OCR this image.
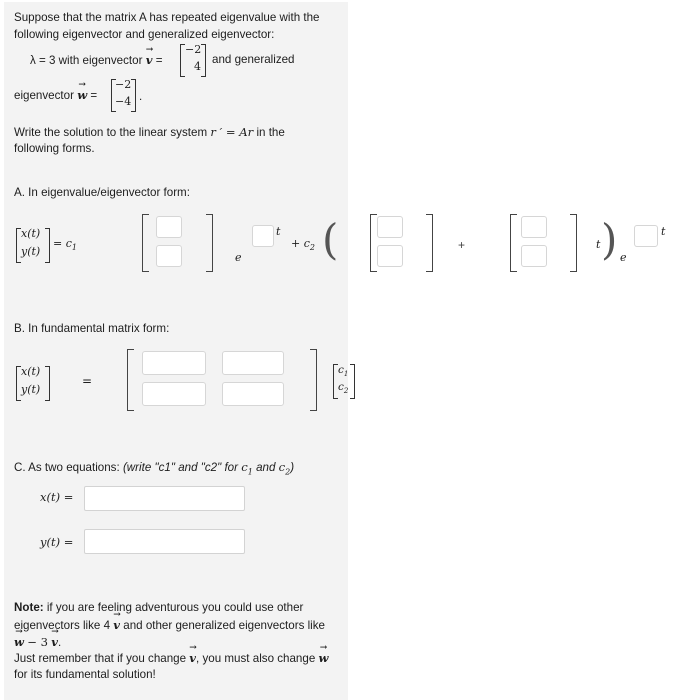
Suppose that the matrix A has repeated eigenvalue with the
following eigenvector and generalized eigenvector:
λ = 3 with eigenvector → v =
−2
4
and generalized
eigenvector → w =
−2
−4 .
Write the solution to the linear system r ′ = Ar in the
following forms.
A. In eigenvalue/eigenvector form:
x(t)
y(t)
= $c_1$
e
t
+ $c_2$ (	+	t ) e
t
B. In fundamental matrix form:
x(t)
y(t)
=
$c_1$
$c_2$
C. As two equations: (write "c1" and "c2" for $c_1$ and $c_2$)
x(t) =
y(t) =
Note: if you are feeling adventurous you could use other
eigenvectors like 4 → v and other generalized eigenvectors like
→ w − 3 → v.
Just remember that if you change → v, you must also change → w
for its fundamental solution!
